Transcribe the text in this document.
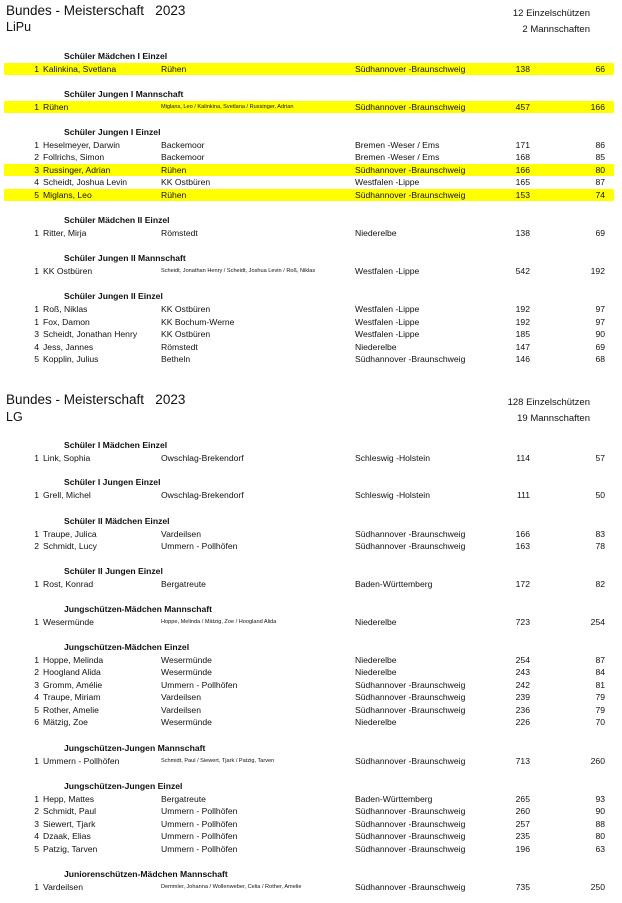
Bundes - Meisterschaft   2023
LiPu
12 Einzelschützen
2 Mannschaften
Bundes - Meisterschaft   2023
LG
128 Einzelschützen
19 Mannschaften
Schüler Mädchen I Einzel
1 Kalinkina, Svetlana	Rühen	Südhannover -Braunschweig	138	66
Schüler Jungen I Mannschaft
1 Rühen	Miglans, Leo / Kalinkina, Svetlana / Russinger, Adrian	Südhannover -Braunschweig	457	166
Schüler Jungen I Einzel
1 Heselmeyer, Darwin	Backemoor	Bremen -Weser / Ems	171	86
2 Follrichs, Simon	Backemoor	Bremen -Weser / Ems	168	85
3 Russinger, Adrian	Rühen	Südhannover -Braunschweig	166	80
4 Scheidt, Joshua Levin	KK Ostbüren	Westfalen -Lippe	165	87
5 Miglans, Leo	Rühen	Südhannover -Braunschweig	153	74
Schüler Mädchen II Einzel
1 Ritter, Mirja	Römstedt	Niederelbe	138	69
Schüler Jungen II Mannschaft
1 KK Ostbüren	Scheidt, Jonathan Henry / Scheidt, Joshua Levin / Roß, Niklas	Westfalen -Lippe	542	192
Schüler Jungen II Einzel
1 Roß, Niklas	KK Ostbüren	Westfalen -Lippe	192	97
1 Fox, Damon	KK Bochum-Werne	Westfalen -Lippe	192	97
3 Scheidt, Jonathan Henry	KK Ostbüren	Westfalen -Lippe	185	90
4 Jess, Jannes	Römstedt	Niederelbe	147	69
5 Kopplin, Julius	Betheln	Südhannover -Braunschweig	146	68
Schüler I Mädchen Einzel
1 Link, Sophia	Owschlag-Brekendorf	Schleswig -Holstein	114	57
Schüler I Jungen Einzel
1 Grell, Michel	Owschlag-Brekendorf	Schleswig -Holstein	111	50
Schüler II Mädchen Einzel
1 Traupe, Julica	Vardeilsen	Südhannover -Braunschweig	166	83
2 Schmidt, Lucy	Ummern - Pollhöfen	Südhannover -Braunschweig	163	78
Schüler II Jungen Einzel
1 Rost, Konrad	Bergatreute	Baden-Württemberg	172	82
Jungschützen-Mädchen Mannschaft
1 Wesermünde	Hoppe, Melinda / Mätzig, Zoe / Hoogland Alida	Niederelbe	723	254
Jungschützen-Mädchen Einzel
1 Hoppe, Melinda	Wesermünde	Niederelbe	254	87
2 Hoogland Alida	Wesermünde	Niederelbe	243	84
3 Gromm, Amélie	Ummern - Pollhöfen	Südhannover -Braunschweig	242	81
4 Traupe, Miriam	Vardeilsen	Südhannover -Braunschweig	239	79
5 Rother, Amelie	Vardeilsen	Südhannover -Braunschweig	236	79
6 Mätzig, Zoe	Wesermünde	Niederelbe	226	70
Jungschützen-Jungen Mannschaft
1 Ummern - Pollhöfen	Schmidt, Paul / Siewert, Tjark / Patzig, Tarven	Südhannover -Braunschweig	713	260
Jungschützen-Jungen Einzel
1 Hepp, Mattes	Bergatreute	Baden-Württemberg	265	93
2 Schmidt, Paul	Ummern - Pollhöfen	Südhannover -Braunschweig	260	90
3 Siewert, Tjark	Ummern - Pollhöfen	Südhannover -Braunschweig	257	88
4 Dzaak, Elias	Ummern - Pollhöfen	Südhannover -Braunschweig	235	80
5 Patzig, Tarven	Ummern - Pollhöfen	Südhannover -Braunschweig	196	63
Juniorenschützen-Mädchen Mannschaft
1 Vardeilsen	Demmler, Johanna / Wollenweber, Celia / Rother, Amelie	Südhannover -Braunschweig	735	250
